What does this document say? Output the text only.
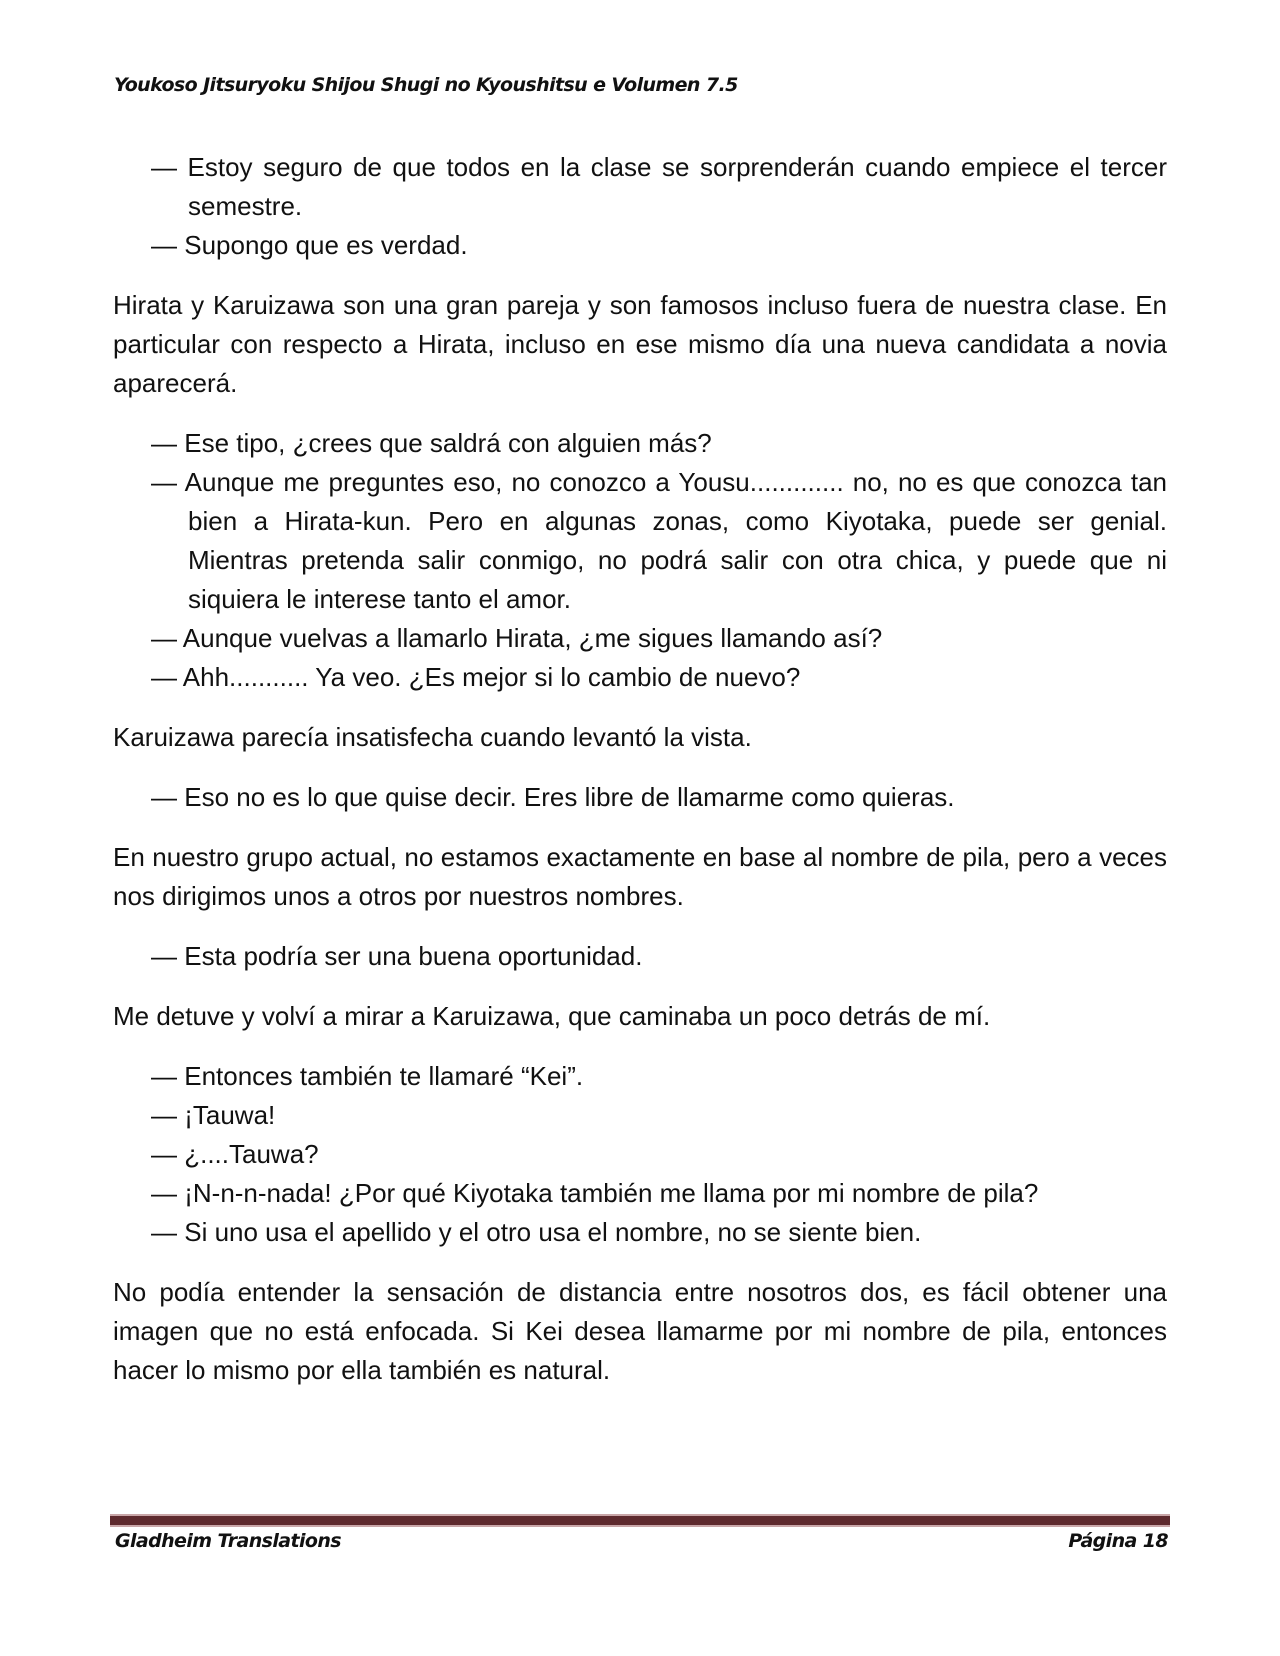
Youkoso Jitsuryoku Shijou Shugi no Kyoushitsu e Volumen 7.5
— Estoy seguro de que todos en la clase se sorprenderán cuando empiece el tercer semestre.
— Supongo que es verdad.
Hirata y Karuizawa son una gran pareja y son famosos incluso fuera de nuestra clase. En particular con respecto a Hirata, incluso en ese mismo día una nueva candidata a novia aparecerá.
— Ese tipo, ¿crees que saldrá con alguien más?
— Aunque me preguntes eso, no conozco a Yousu............. no, no es que conozca tan bien a Hirata-kun. Pero en algunas zonas, como Kiyotaka, puede ser genial. Mientras pretenda salir conmigo, no podrá salir con otra chica, y puede que ni siquiera le interese tanto el amor.
— Aunque vuelvas a llamarlo Hirata, ¿me sigues llamando así?
— Ahh........... Ya veo. ¿Es mejor si lo cambio de nuevo?
Karuizawa parecía insatisfecha cuando levantó la vista.
— Eso no es lo que quise decir. Eres libre de llamarme como quieras.
En nuestro grupo actual, no estamos exactamente en base al nombre de pila, pero a veces nos dirigimos unos a otros por nuestros nombres.
— Esta podría ser una buena oportunidad.
Me detuve y volví a mirar a Karuizawa, que caminaba un poco detrás de mí.
— Entonces también te llamaré “Kei”.
— ¡Tauwa!
— ¿....Tauwa?
— ¡N-n-n-nada! ¿Por qué Kiyotaka también me llama por mi nombre de pila?
— Si uno usa el apellido y el otro usa el nombre, no se siente bien.
No podía entender la sensación de distancia entre nosotros dos, es fácil obtener una imagen que no está enfocada. Si Kei desea llamarme por mi nombre de pila, entonces hacer lo mismo por ella también es natural.
Gladheim Translations	Página 18
